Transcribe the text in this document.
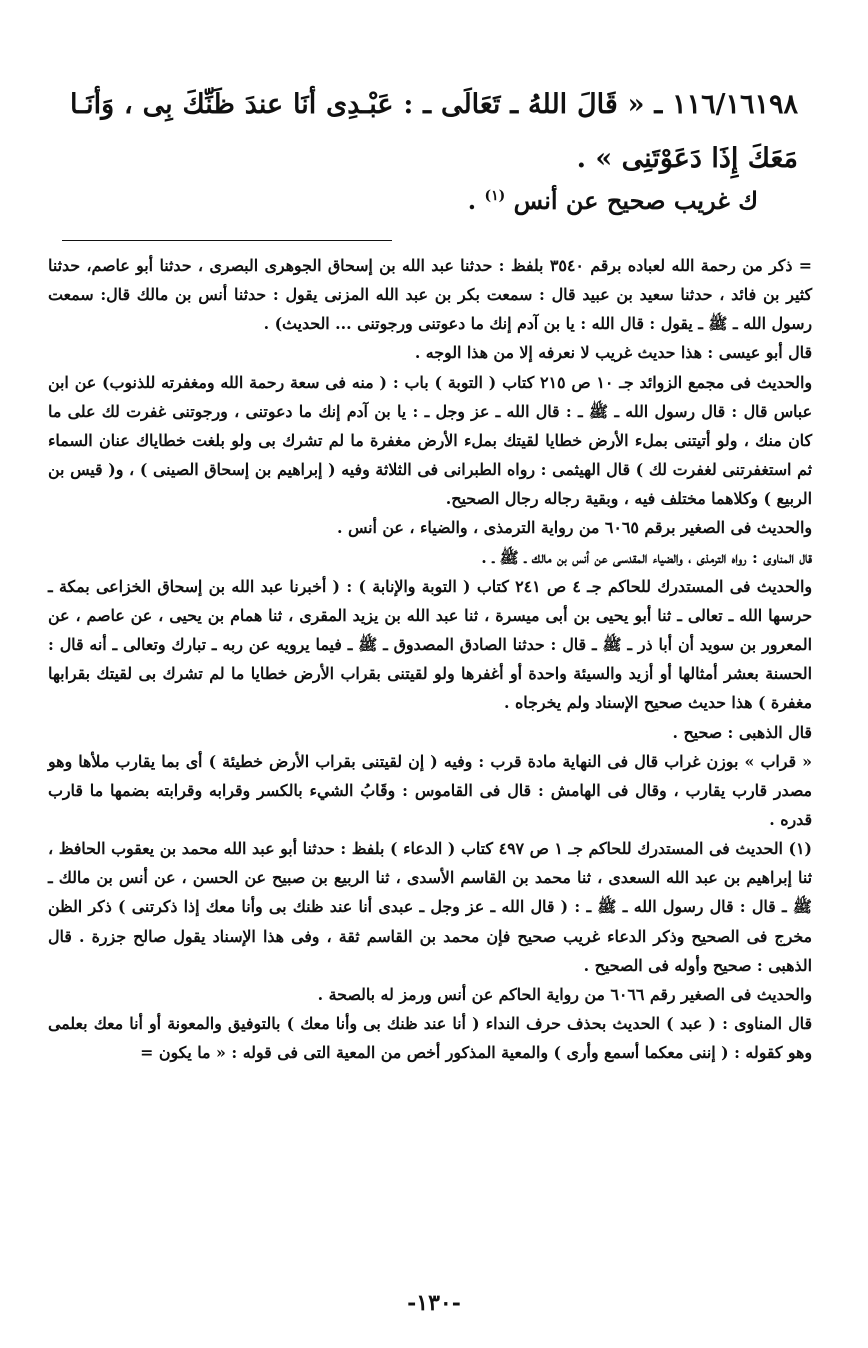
١١٦/١٦١٩٨ ـ « قَالَ اللهُ ـ تَعَالَى ـ : عَبْـدِى أنَا عندَ ظَنِّكَ بِى ، وَأنَـا مَعَكَ إِذَا دَعَوْتَنِى » .

ك غريب صحيح عن أنس $^{(١)}$ .

= ذكر من رحمة الله لعباده برقم ٣٥٤٠ بلفظ : حدثنا عبد الله بن إسحاق الجوهرى البصرى ، حدثنا أبو عاصم، حدثنا كثير بن فائد ، حدثنا سعيد بن عبيد قال : سمعت بكر بن عبد الله المزنى يقول : حدثنا أنس بن مالك قال: سمعت رسول الله ـ ﷺ ـ يقول : قال الله : يا بن آدم إنك ما دعوتنى ورجوتنى ... الحديث) .

قال أبو عيسى : هذا حديث غريب لا نعرفه إلا من هذا الوجه .

والحديث فى مجمع الزوائد جـ ١٠ ص ٢١٥ كتاب ( التوبة ) باب : ( منه فى سعة رحمة الله ومغفرته للذنوب) عن ابن عباس قال : قال رسول الله ـ ﷺ ـ : قال الله ـ عز وجل ـ : يا بن آدم إنك ما دعوتنى ، ورجوتنى غفرت لك على ما كان منك ، ولو أتيتنى بملء الأرض خطايا لقيتك بملء الأرض مغفرة ما لم تشرك بى ولو بلغت خطاياك عنان السماء ثم استغفرتنى لغفرت لك ) قال الهيثمى : رواه الطبرانى فى الثلاثة وفيه ( إبراهيم بن إسحاق الصينى ) ، و( قيس بن الربيع ) وكلاهما مختلف فيه ، وبقية رجاله رجال الصحيح.

والحديث فى الصغير برقم ٦٠٦٥ من رواية الترمذى ، والضياء ، عن أنس .

قال المناوى : رواه الترمذى ، والضياء المقدسى عن أنس بن مالك ـ ﷺ ـ .

والحديث فى المستدرك للحاكم جـ ٤ ص ٢٤١ كتاب ( التوبة والإنابة ) : ( أخبرنا عبد الله بن إسحاق الخزاعى بمكة ـ حرسها الله ـ تعالى ـ ثنا أبو يحيى بن أبى ميسرة ، ثنا عبد الله بن يزيد المقرى ، ثنا همام بن يحيى ، عن عاصم ، عن المعرور بن سويد أن أبا ذر ـ ﷺ ـ قال : حدثنا الصادق المصدوق ـ ﷺ ـ فيما يرويه عن ربه ـ تبارك وتعالى ـ أنه قال : الحسنة بعشر أمثالها أو أزيد والسيئة واحدة أو أغفرها ولو لقيتنى بقراب الأرض خطايا ما لم تشرك بى لقيتك بقرابها مغفرة ) هذا حديث صحيح الإسناد ولم يخرجاه .

قال الذهبى : صحيح .

« قراب » بوزن غراب قال فى النهاية مادة قرب : وفيه ( إن لقيتنى بقراب الأرض خطيئة ) أى بما يقارب ملأها وهو مصدر قارب يقارب ، وقال فى الهامش : قال فى القاموس : وقَابُ الشيء بالكسر وقرابه وقرابته بضمها ما قارب قدره .

(١) الحديث فى المستدرك للحاكم جـ ١ ص ٤٩٧ كتاب ( الدعاء ) بلفظ : حدثنا أبو عبد الله محمد بن يعقوب الحافظ ، ثنا إبراهيم بن عبد الله السعدى ، ثنا محمد بن القاسم الأسدى ، ثنا الربيع بن صبيح عن الحسن ، عن أنس بن مالك ـ ﷺ ـ قال : قال رسول الله ـ ﷺ ـ : ( قال الله ـ عز وجل ـ عبدى أنا عند ظنك بى وأنا معك إذا ذكرتنى ) ذكر الظن مخرج فى الصحيح وذكر الدعاء غريب صحيح فإن محمد بن القاسم ثقة ، وفى هذا الإسناد يقول صالح جزرة . قال الذهبى : صحيح وأوله فى الصحيح .

والحديث فى الصغير رقم ٦٠٦٦ من رواية الحاكم عن أنس ورمز له بالصحة .

قال المناوى : ( عبد ) الحديث بحذف حرف النداء ( أنا عند ظنك بى وأنا معك ) بالتوفيق والمعونة أو أنا معك بعلمى وهو كقوله : ( إننى معكما أسمع وأرى ) والمعية المذكور أخص من المعية التى فى قوله : « ما يكون =

-١٣٠-
